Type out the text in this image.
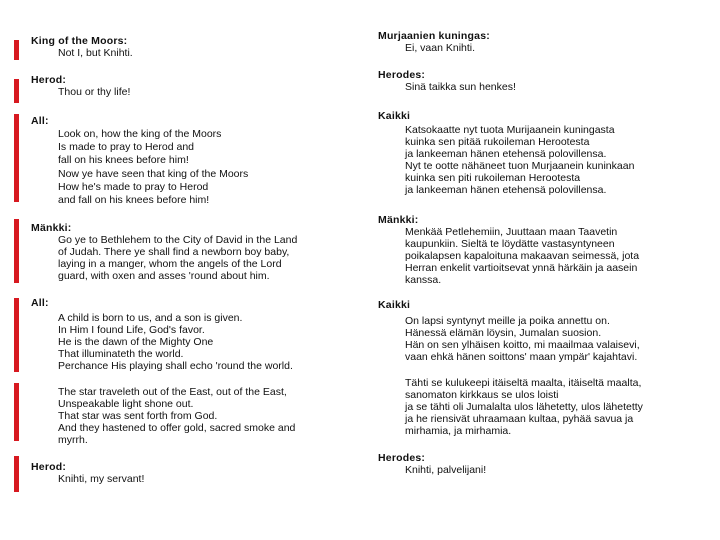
King of the Moors:
Not I, but Knihti.
Herod:
Thou or thy life!
All:
Look on, how the king of the Moors
Is made to pray to Herod and
fall on his knees before him!
Now ye have seen that king of the Moors
How he's made to pray to Herod
and fall on his knees before him!
Mänkki:
Go ye to Bethlehem to the City of David in the Land
of Judah. There ye shall find a newborn boy baby,
laying in a manger, whom the angels of the Lord
guard, with oxen and asses 'round about him.
All:
A child is born to us, and a son is given.
In Him I found Life, God's favor.
He is the dawn of the Mighty One
That illuminateth the world.
Perchance His playing shall echo 'round the world.
The star traveleth out of the East, out of the East,
Unspeakable light shone out.
That star was sent forth from God.
And they hastened to offer gold, sacred smoke and
myrrh.
Herod:
Knihti, my servant!
Murjaanien kuningas:
Ei, vaan Knihti.
Herodes:
Sinä taikka sun henkes!
Kaikki
Katsokaatte nyt tuota Murijaanein kuningasta
kuinka sen pitää rukoileman Herootesta
ja lankeeman hänen etehensä polovillensa.
Nyt te ootte nähäneet tuon Murjaanein kuninkaan
kuinka sen piti rukoileman Herootesta
ja lankeeman hänen etehensä polovillensa.
Mänkki:
Menkää Petlehemiin, Juuttaan maan Taavetin
kaupunkiin. Sieltä te löydätte vastasyntyneen
poikalapsen kapaloituna makaavan seimessä, jota
Herran enkelit vartioitsevat ynnä härkäin ja aasein
kanssa.
Kaikki
On lapsi syntynyt meille ja poika annettu on.
Hänessä elämän löysin, Jumalan suosion.
Hän on sen ylhäisen koitto, mi maailmaa valaisevi,
vaan ehkä hänen soittons' maan ympär' kajahtavi.
Tähti se kulukeepi itäiseltä maalta, itäiseltä maalta,
sanomaton kirkkaus se ulos loisti
ja se tähti oli Jumalalta ulos lähetetty, ulos lähetetty
ja he riensivät uhraamaan kultaa, pyhää savua ja
mirhamia, ja mirhamia.
Herodes:
Knihti, palvelijani!
